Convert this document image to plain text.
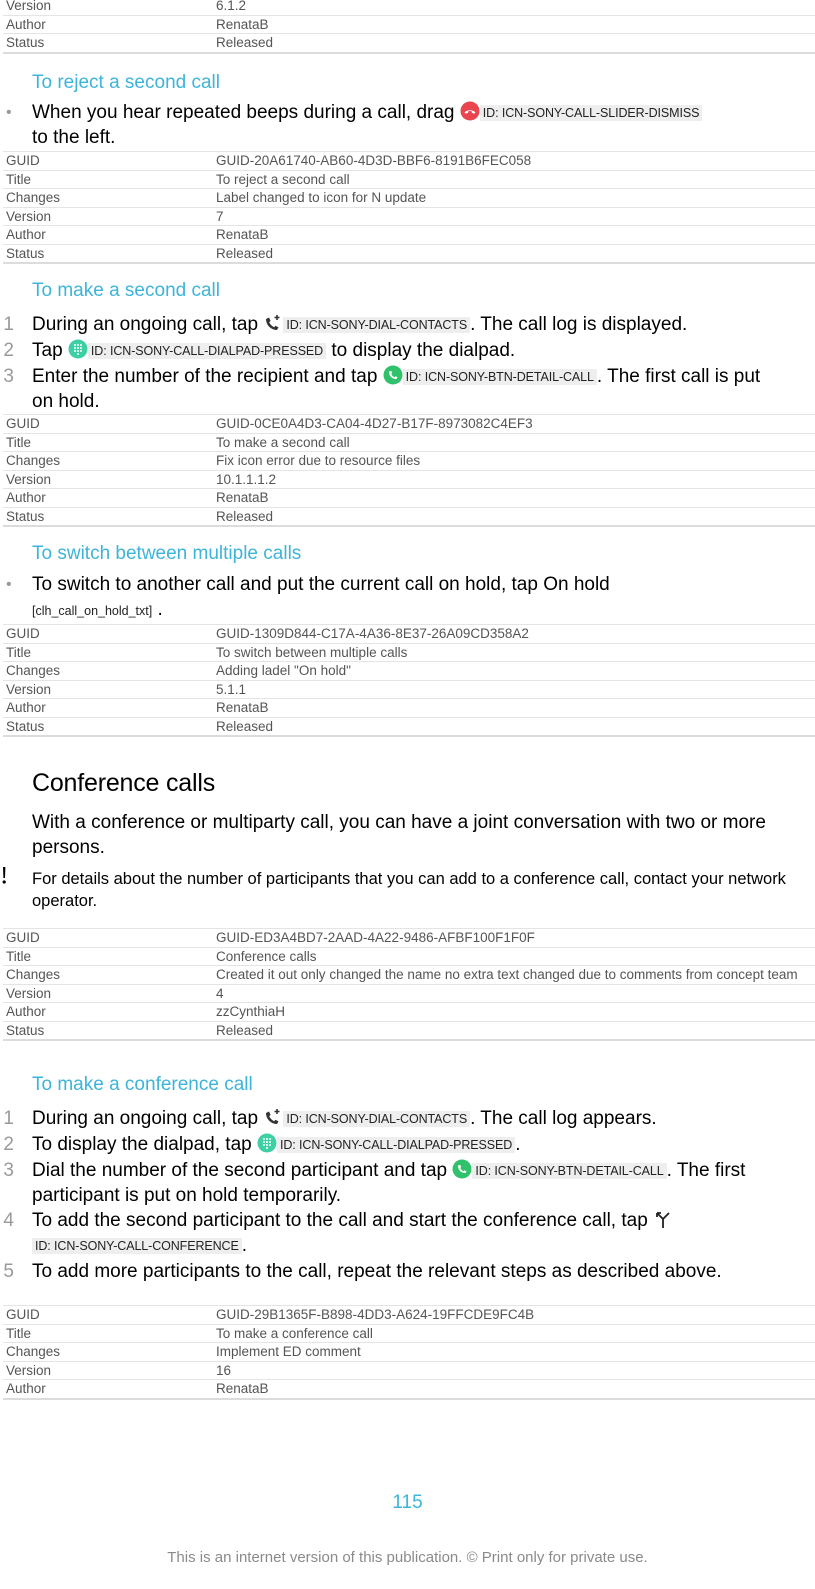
Version	6.1.2
Author	RenataB
Status	Released
To reject a second call
• When you hear repeated beeps during a call, drag ID: ICN-SONY-CALL-SLIDER-DISMISS
to the left.
GUID	GUID-20A61740-AB60-4D3D-BBF6-8191B6FEC058
Title	To reject a second call
Changes	Label changed to icon for N update
Version	7
Author	RenataB
Status	Released
To make a second call
1 During an ongoing call, tap ID: ICN-SONY-DIAL-CONTACTS . The call log is displayed.
2 Tap ID: ICN-SONY-CALL-DIALPAD-PRESSED to display the dialpad.
3 Enter the number of the recipient and tap ID: ICN-SONY-BTN-DETAIL-CALL . The first call is put on hold.
GUID	GUID-0CE0A4D3-CA04-4D27-B17F-8973082C4EF3
Title	To make a second call
Changes	Fix icon error due to resource files
Version	10.1.1.1.2
Author	RenataB
Status	Released
To switch between multiple calls
• To switch to another call and put the current call on hold, tap On hold
[clh_call_on_hold_txt] .
GUID	GUID-1309D844-C17A-4A36-8E37-26A09CD358A2
Title	To switch between multiple calls
Changes	Adding ladel "On hold"
Version	5.1.1
Author	RenataB
Status	Released
Conference calls
With a conference or multiparty call, you can have a joint conversation with two or more persons.
For details about the number of participants that you can add to a conference call, contact your network operator.
GUID	GUID-ED3A4BD7-2AAD-4A22-9486-AFBF100F1F0F
Title	Conference calls
Changes	Created it out only changed the name no extra text changed due to comments from concept team
Version	4
Author	zzCynthiaH
Status	Released
To make a conference call
1 During an ongoing call, tap ID: ICN-SONY-DIAL-CONTACTS . The call log appears.
2 To display the dialpad, tap ID: ICN-SONY-CALL-DIALPAD-PRESSED .
3 Dial the number of the second participant and tap ID: ICN-SONY-BTN-DETAIL-CALL . The first participant is put on hold temporarily.
4 To add the second participant to the call and start the conference call, tap
ID: ICN-SONY-CALL-CONFERENCE .
5 To add more participants to the call, repeat the relevant steps as described above.
GUID	GUID-29B1365F-B898-4DD3-A624-19FFCDE9FC4B
Title	To make a conference call
Changes	Implement ED comment
Version	16
Author	RenataB
115
This is an internet version of this publication. © Print only for private use.
